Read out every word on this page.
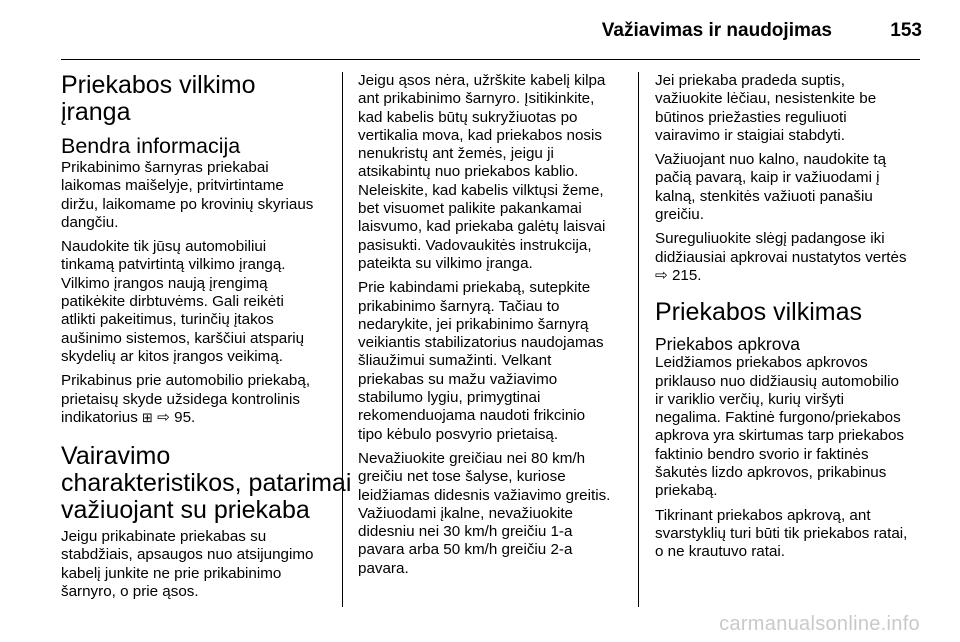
Važiavimas ir naudojimas	153
Priekabos vilkimo
įranga
Bendra informacija

Prikabinimo šarnyras priekabai
laikomas maišelyje, pritvirtintame
diržu, laikomame po krovinių skyriaus
dangčiu.

Naudokite tik jūsų automobiliui
tinkamą patvirtintą vilkimo įrangą.
Vilkimo įrangos naują įrengimą
patikėkite dirbtuvėms. Gali reikėti
atlikti pakeitimus, turinčių įtakos
aušinimo sistemos, karščiui atsparių
skydelių ar kitos įrangos veikimą.

Prikabinus prie automobilio priekabą,
prietaisų skyde užsidega kontrolinis
indikatorius ⊞ ⇨ 95.

Vairavimo
charakteristikos, patarimai
važiuojant su priekaba

Jeigu prikabinate priekabas su
stabdžiais, apsaugos nuo atsijungimo
kabelį junkite ne prie prikabinimo
šarnyro, o prie ąsos.

Jeigu ąsos nėra, užrškite kabelį kilpa
ant prikabinimo šarnyro. Įsitikinkite,
kad kabelis būtų sukryžiuotas po
vertikalia mova, kad priekabos nosis
nenukristų ant žemės, jeigu ji
atsikabintų nuo priekabos kablio.
Neleiskite, kad kabelis vilktųsi žeme,
bet visuomet palikite pakankamai
laisvumo, kad priekaba galėtų laisvai
pasisukti. Vadovaukitės instrukcija,
pateikta su vilkimo įranga.

Prie kabindami priekabą, sutepkite
prikabinimo šarnyrą. Tačiau to
nedarykite, jei prikabinimo šarnyrą
veikiantis stabilizatorius naudojamas
šliaužimui sumažinti. Velkant
priekabas su mažu važiavimo
stabilumo lygiu, primygtinai
rekomenduojama naudoti frikcinio
tipo kėbulo posvyrio prietaisą.

Nevažiuokite greičiau nei 80 km/h
greičiu net tose šalyse, kuriose
leidžiamas didesnis važiavimo greitis.
Važiuodami įkalne, nevažiuokite
didesniu nei 30 km/h greičiu 1-a
pavara arba 50 km/h greičiu 2-a
pavara.

Jei priekaba pradeda suptis,
važiuokite lėčiau, nesistenkite be
būtinos priežasties reguliuoti
vairavimo ir staigiai stabdyti.

Važiuojant nuo kalno, naudokite tą
pačią pavarą, kaip ir važiuodami į
kalną, stenkitės važiuoti panašiu
greičiu.

Sureguliuokite slėgį padangose iki
didžiausiai apkrovai nustatytos vertės
⇨ 215.

Priekabos vilkimas
Priekabos apkrova

Leidžiamos priekabos apkrovos
priklauso nuo didžiausių automobilio
ir variklio verčių, kurių viršyti
negalima. Faktinė furgono/priekabos
apkrova yra skirtumas tarp priekabos
faktinio bendro svorio ir faktinės
šakutės lizdo apkrovos, prikabinus
priekabą.

Tikrinant priekabos apkrovą, ant
svarstyklių turi būti tik priekabos ratai,
o ne krautuvo ratai.

carmanualsonline.info
